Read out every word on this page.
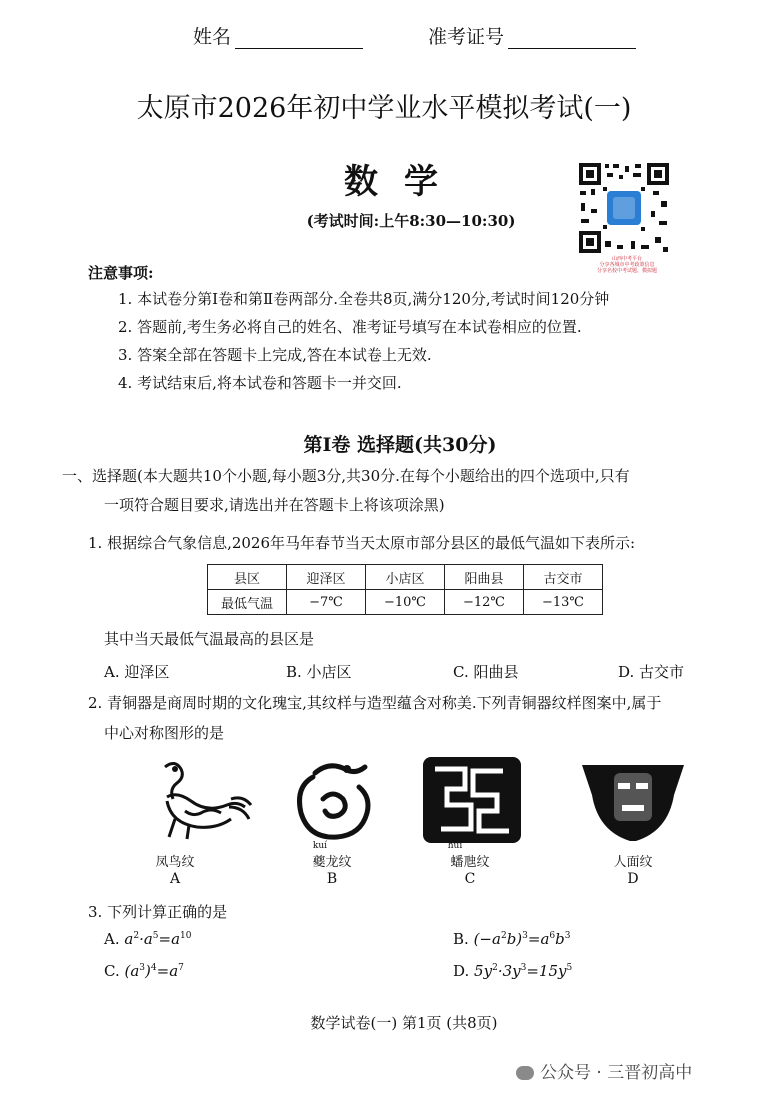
姓名	准考证号
太原市2026年初中学业水平模拟考试(一)
数学
(考试时间:上午8:30—10:30)
山西中考平台
分享各城市中考政策信息
分享名校中考试题、模拟题
注意事项:
1. 本试卷分第Ⅰ卷和第Ⅱ卷两部分.全卷共8页,满分120分,考试时间120分钟
2. 答题前,考生务必将自己的姓名、准考证号填写在本试卷相应的位置.
3. 答案全部在答题卡上完成,答在本试卷上无效.
4. 考试结束后,将本试卷和答题卡一并交回.
第Ⅰ卷 选择题(共30分)
一、选择题(本大题共10个小题,每小题3分,共30分.在每个小题给出的四个选项中,只有
一项符合题目要求,请选出并在答题卡上将该项涂黑)
1. 根据综合气象信息,2026年马年春节当天太原市部分县区的最低气温如下表所示:
县区	迎泽区	小店区	阳曲县	古交市
最低气温	−7℃	−10℃	−12℃	−13℃
其中当天最低气温最高的县区是
A. 迎泽区	B. 小店区	C. 阳曲县	D. 古交市
2. 青铜器是商周时期的文化瑰宝,其纹样与造型蕴含对称美.下列青铜器纹样图案中,属于
中心对称图形的是
凤鸟纹
A
kuí
夔龙纹
B
huǐ
蟠虺纹
C
人面纹
D
3. 下列计算正确的是
A. $a^2\cdot a^5=a^{10}$	B. $(-a^2b)^3=a^6b^3$
C. $(a^3)^4=a^7$	D. $5y^2\cdot 3y^3=15y^5$
数学试卷(一) 第1页 (共8页)
公众号 · 三晋初高中
